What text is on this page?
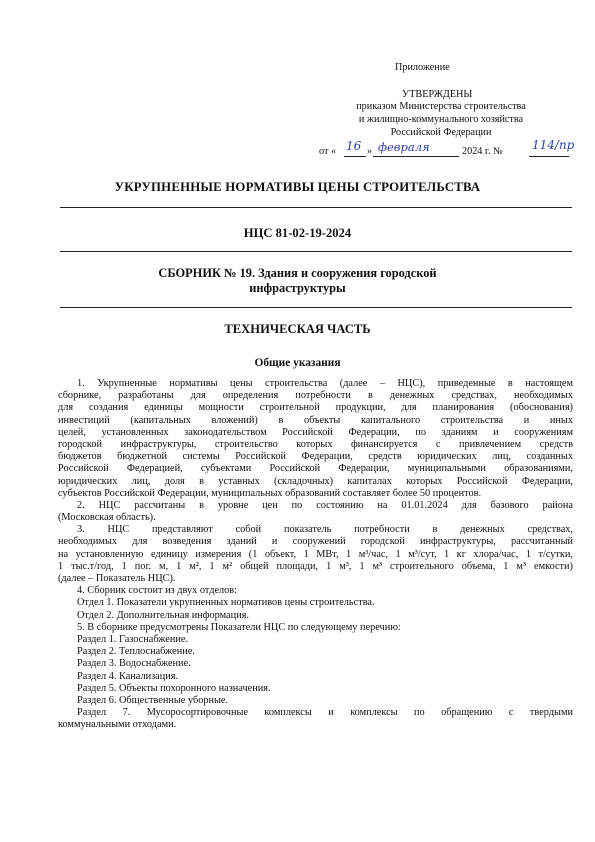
Приложение
УТВЕРЖДЕНЫ
приказом Министерства строительства
и жилищно-коммунального хозяйства
Российской Федерации
от « 16 » февраля	2024 г. № 114/пр
УКРУПНЕННЫЕ НОРМАТИВЫ ЦЕНЫ СТРОИТЕЛЬСТВА
НЦС 81-02-19-2024
СБОРНИК № 19. Здания и сооружения городской
инфраструктуры
ТЕХНИЧЕСКАЯ ЧАСТЬ
Общие указания
1. Укрупненные нормативы цены строительства (далее – НЦС), приведенные в настоящем
сборнике, разработаны для определения потребности в денежных средствах, необходимых
для создания единицы мощности строительной продукции, для планирования (обоснования)
инвестиций (капитальных вложений) в объекты капитального строительства и иных
целей, установленных законодательством Российской Федерации, по зданиям и сооружениям
городской инфраструктуры, строительство которых финансируется с привлечением средств
бюджетов бюджетной системы Российской Федерации, средств юридических лиц, созданных
Российской Федерацией, субъектами Российской Федерации, муниципальными образованиями,
юридических лиц, доля в уставных (складочных) капиталах которых Российской Федерации,
субъектов Российской Федерации, муниципальных образований составляет более 50 процентов.
2. НЦС рассчитаны в уровне цен по состоянию на 01.01.2024 для базового района
(Московская область).
3. НЦС представляют собой показатель потребности в денежных средствах,
необходимых для возведения зданий и сооружений городской инфраструктуры, рассчитанный
на установленную единицу измерения (1 объект, 1 МВт, 1 м³/час, 1 м³/сут, 1 кг хлора/час, 1 т/сутки,
1 тыс.т/год, 1 пог. м, 1 м², 1 м² общей площади, 1 м³, 1 м³ строительного объема, 1 м³ емкости)
(далее – Показатель НЦС).
4. Сборник состоит из двух отделов:
Отдел 1. Показатели укрупненных нормативов цены строительства.
Отдел 2. Дополнительная информация.
5. В сборнике предусмотрены Показатели НЦС по следующему перечню:
Раздел 1. Газоснабжение.
Раздел 2. Теплоснабжение.
Раздел 3. Водоснабжение.
Раздел 4. Канализация.
Раздел 5. Объекты похоронного назначения.
Раздел 6. Общественные уборные.
Раздел 7. Мусоросортировочные комплексы и комплексы по обращению с твердыми
коммунальными отходами.
